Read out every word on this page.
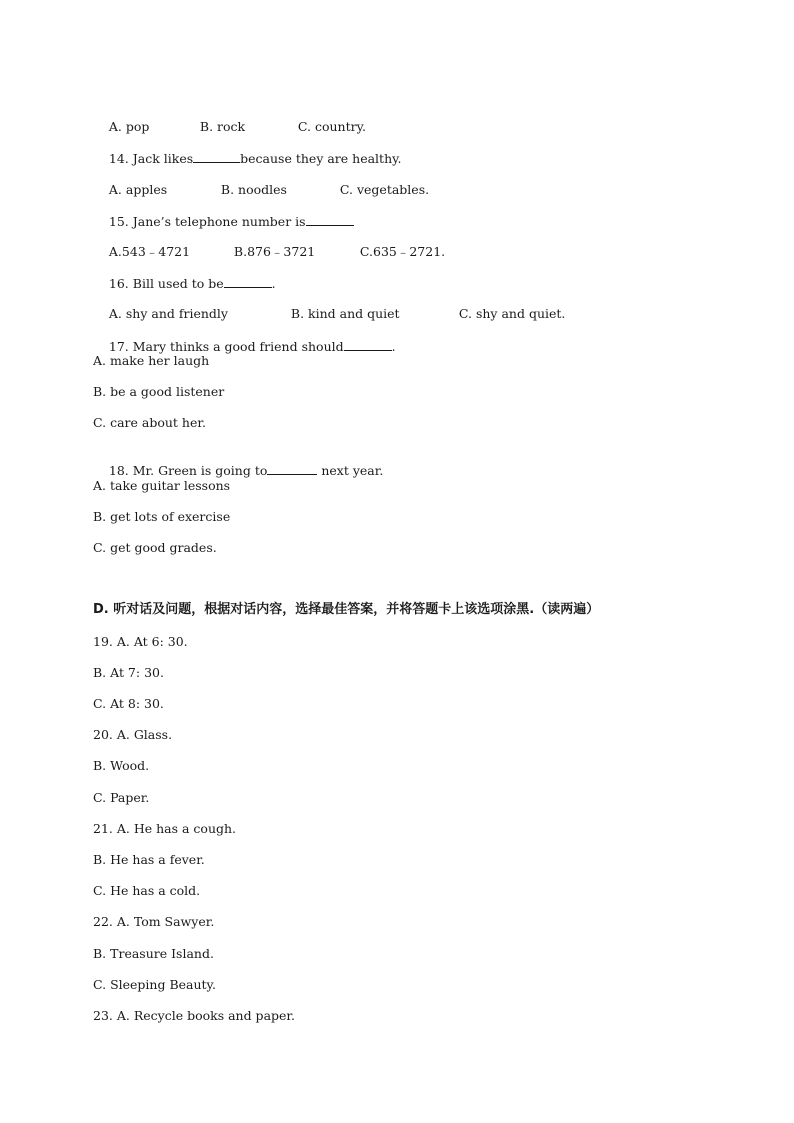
A. pop	B. rock	C. country.

14. Jack likes	because they are healthy.

A. apples	B. noodles	C. vegetables.

15. Jane’s telephone number is

A.543﹣4721	B.876﹣3721	C.635﹣2721.

16. Bill used to be	.

A. shy and friendly	B. kind and quiet	C. shy and quiet.

17. Mary thinks a good friend should	.

A. make her laugh
B. be a good listener
C. care about her.

18. Mr. Green is going to	next year.

A. take guitar lessons
B. get lots of exercise
C. get good grades.
D. 听对话及问题，根据对话内容，选择最佳答案，并将答题卡上该选项涂黑.（读两遍）
19. A. At 6: 30.
B. At 7: 30.
C. At 8: 30.
20. A. Glass.
B. Wood.
C. Paper.
21. A. He has a cough.
B. He has a fever.
C. He has a cold.
22. A. Tom Sawyer.
B. Treasure Island.
C. Sleeping Beauty.
23. A. Recycle books and paper.
